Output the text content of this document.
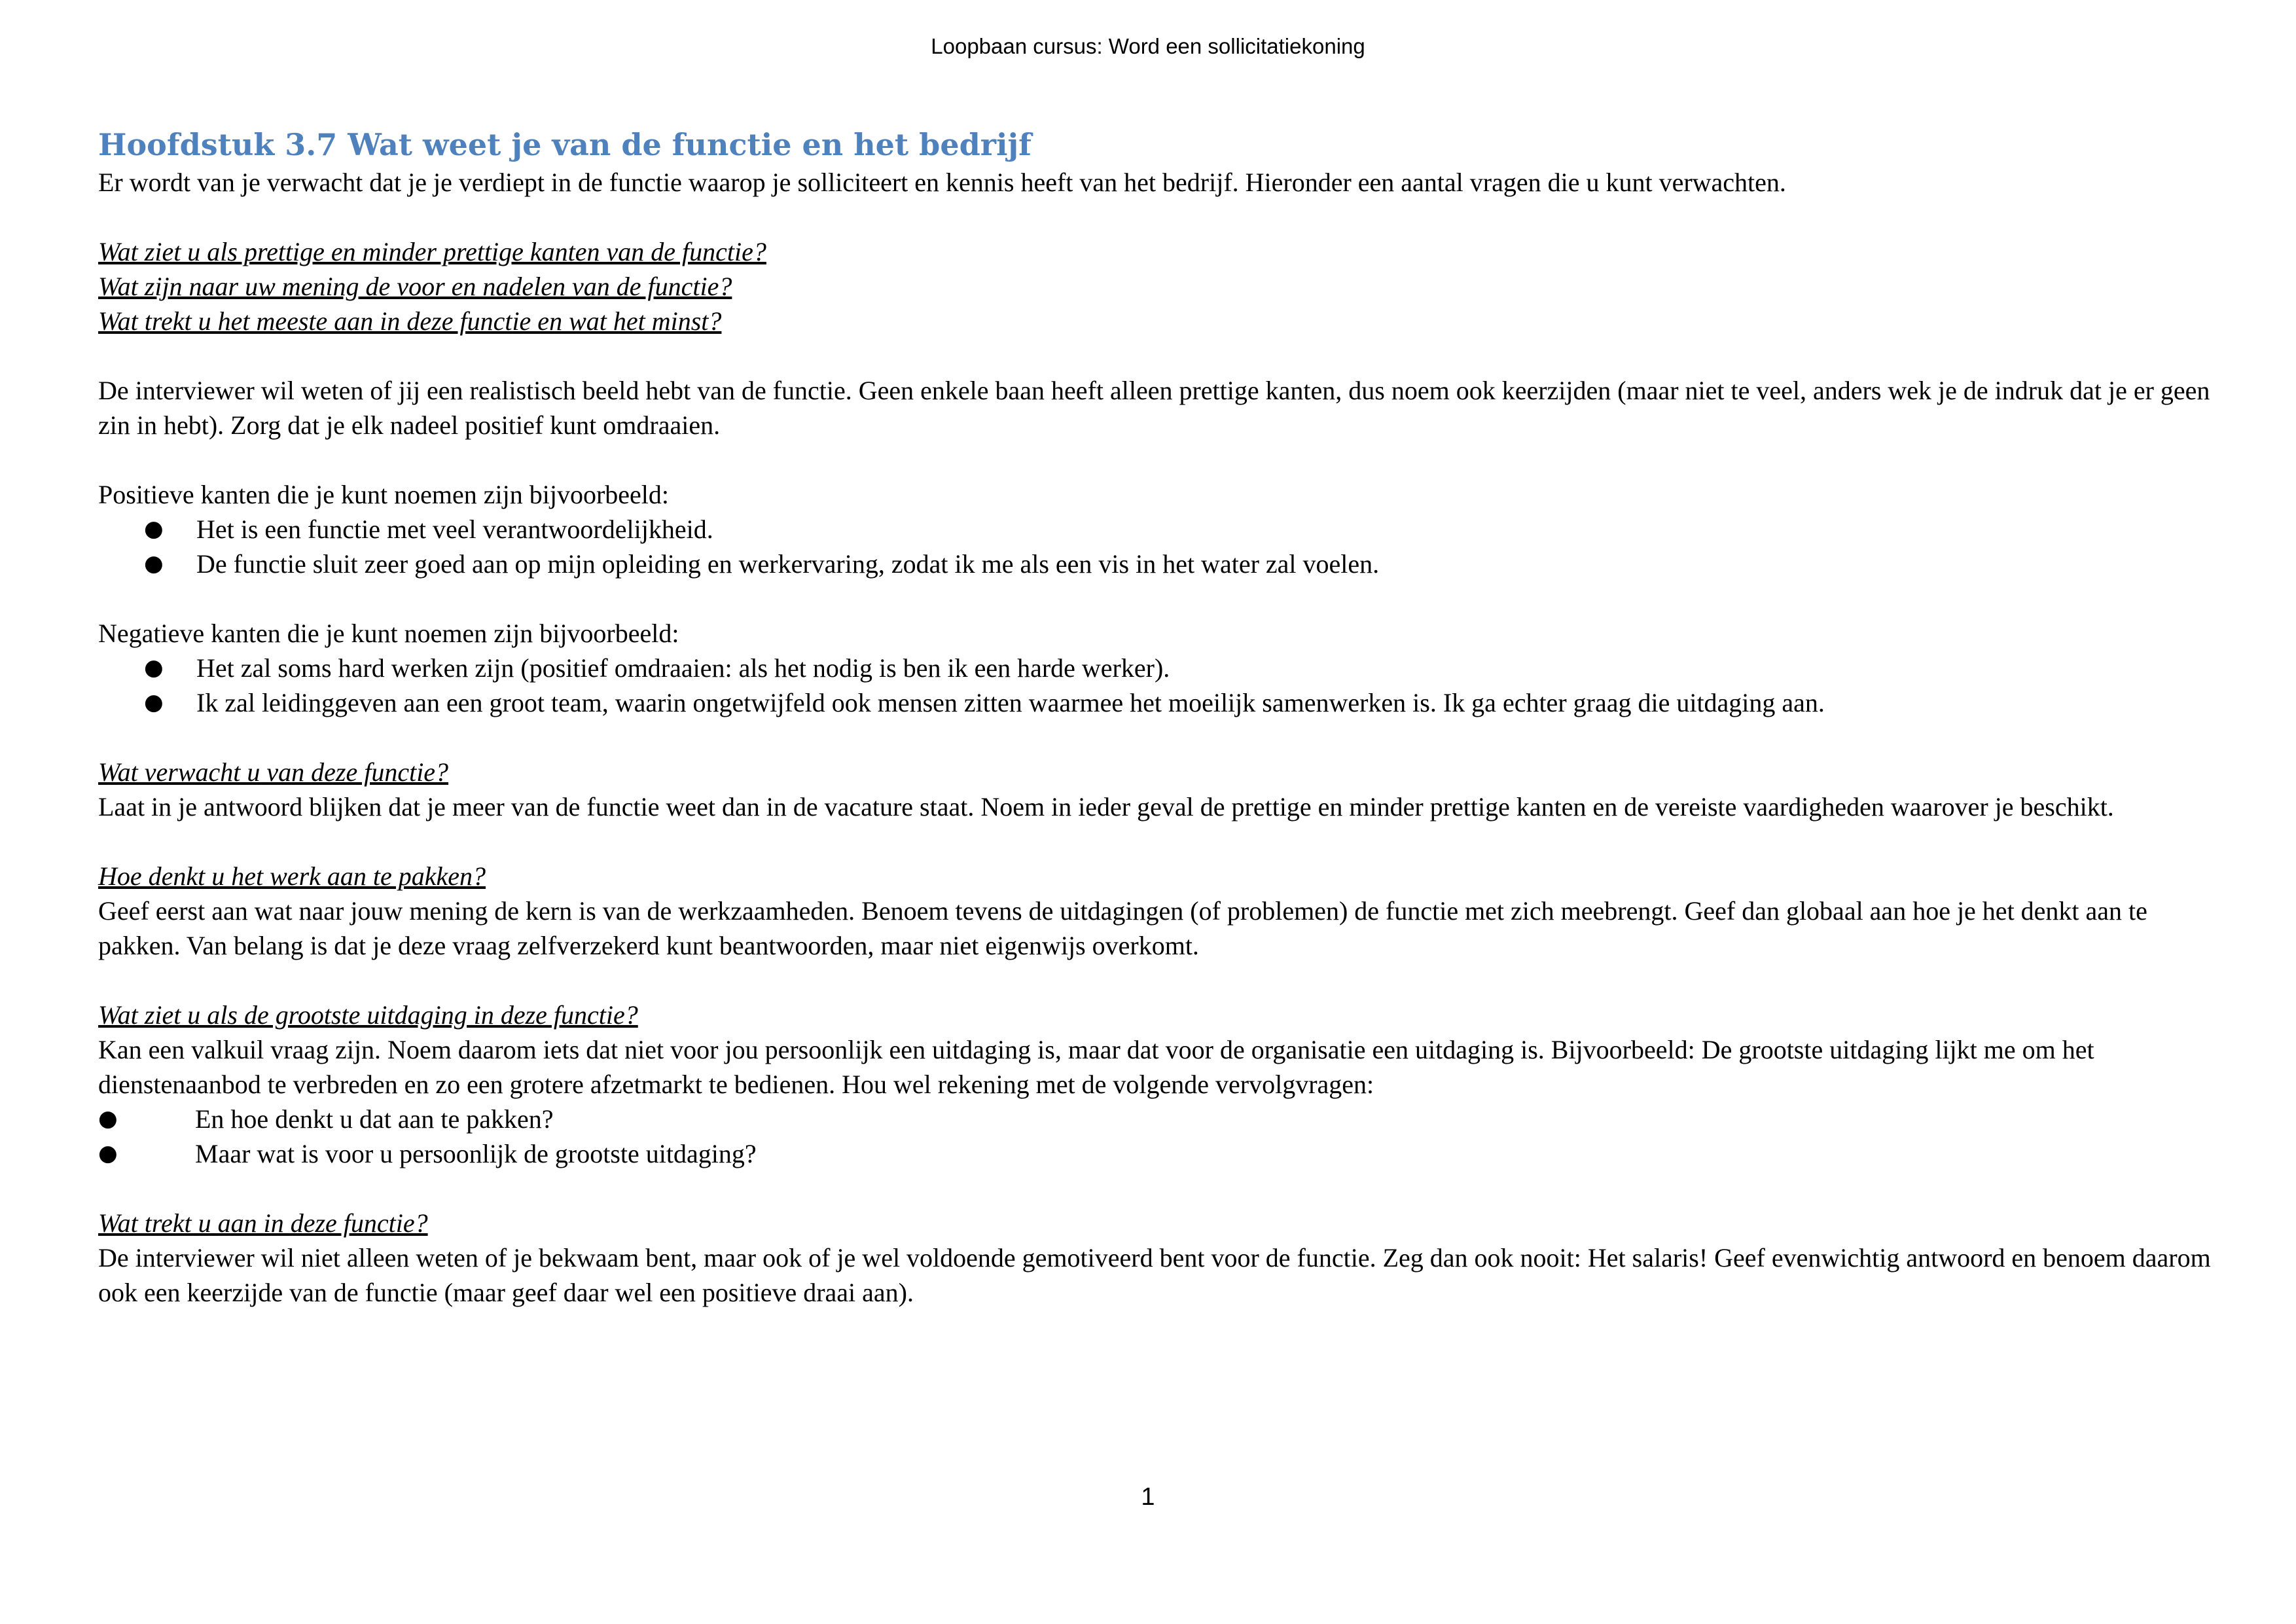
Loopbaan cursus: Word een sollicitatiekoning
Hoofdstuk 3.7 Wat weet je van de functie en het bedrijf

Er wordt van je verwacht dat je je verdiept in de functie waarop je solliciteert en kennis heeft van het bedrijf. Hieronder een aantal vragen die u kunt verwachten.

Wat ziet u als prettige en minder prettige kanten van de functie?

Wat zijn naar uw mening de voor en nadelen van de functie?

Wat trekt u het meeste aan in deze functie en wat het minst?

De interviewer wil weten of jij een realistisch beeld hebt van de functie. Geen enkele baan heeft alleen prettige kanten, dus noem ook keerzijden (maar niet te veel, anders wek je de indruk dat je er geen zin in hebt). Zorg dat je elk nadeel positief kunt omdraaien.

Positieve kanten die je kunt noemen zijn bijvoorbeeld:

● Het is een functie met veel verantwoordelijkheid.
● De functie sluit zeer goed aan op mijn opleiding en werkervaring, zodat ik me als een vis in het water zal voelen.

Negatieve kanten die je kunt noemen zijn bijvoorbeeld:

● Het zal soms hard werken zijn (positief omdraaien: als het nodig is ben ik een harde werker).
● Ik zal leidinggeven aan een groot team, waarin ongetwijfeld ook mensen zitten waarmee het moeilijk samenwerken is. Ik ga echter graag die uitdaging aan.

Wat verwacht u van deze functie?

Laat in je antwoord blijken dat je meer van de functie weet dan in de vacature staat. Noem in ieder geval de prettige en minder prettige kanten en de vereiste vaardigheden waarover je beschikt.

Hoe denkt u het werk aan te pakken?

Geef eerst aan wat naar jouw mening de kern is van de werkzaamheden. Benoem tevens de uitdagingen (of problemen) de functie met zich meebrengt. Geef dan globaal aan hoe je het denkt aan te pakken. Van belang is dat je deze vraag zelfverzekerd kunt beantwoorden, maar niet eigenwijs overkomt.

Wat ziet u als de grootste uitdaging in deze functie?

Kan een valkuil vraag zijn. Noem daarom iets dat niet voor jou persoonlijk een uitdaging is, maar dat voor de organisatie een uitdaging is. Bijvoorbeeld: De grootste uitdaging lijkt me om het dienstenaanbod te verbreden en zo een grotere afzetmarkt te bedienen. Hou wel rekening met de volgende vervolgvragen:

●	En hoe denkt u dat aan te pakken?
●	Maar wat is voor u persoonlijk de grootste uitdaging?

Wat trekt u aan in deze functie?

De interviewer wil niet alleen weten of je bekwaam bent, maar ook of je wel voldoende gemotiveerd bent voor de functie. Zeg dan ook nooit: Het salaris! Geef evenwichtig antwoord en benoem daarom ook een keerzijde van de functie (maar geef daar wel een positieve draai aan).

1
